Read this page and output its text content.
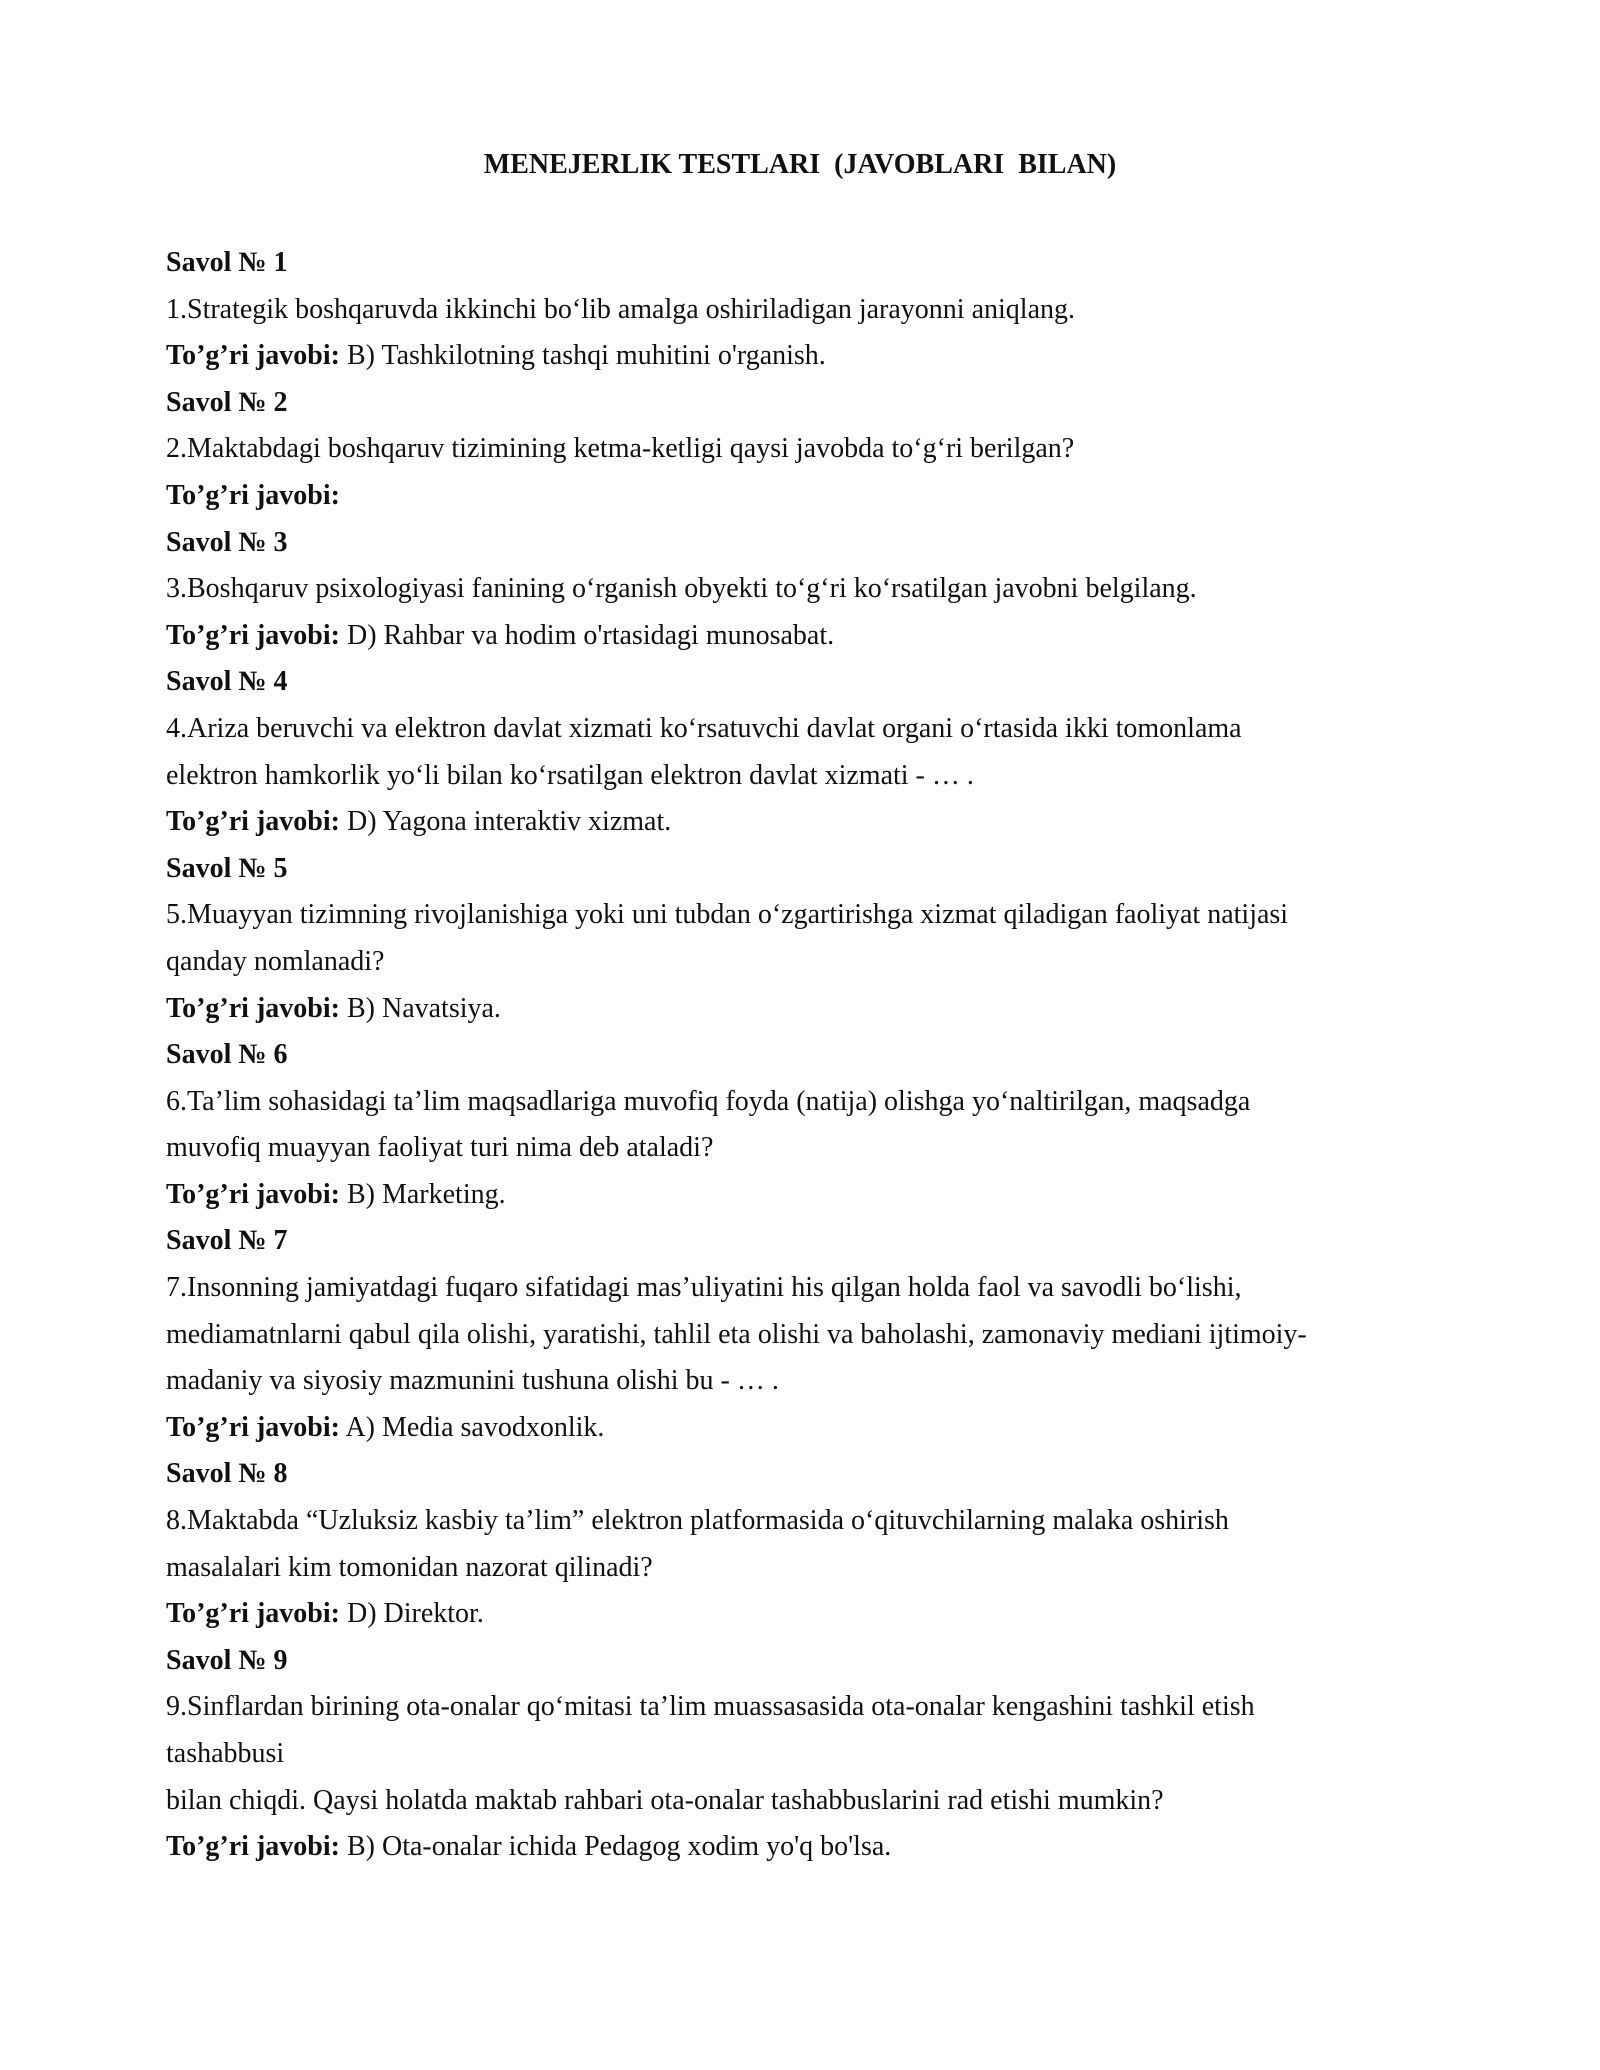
MENEJERLIK TESTLARI  (JAVOBLARI  BILAN)
Savol № 1
1.Strategik boshqaruvda ikkinchi bo‘lib amalga oshiriladigan jarayonni aniqlang.
To’g’ri javobi: B) Tashkilotning tashqi muhitini o'rganish.
Savol № 2
2.Maktabdagi boshqaruv tizimining ketma-ketligi qaysi javobda to‘g‘ri berilgan?
To’g’ri javobi:
Savol № 3
3.Boshqaruv psixologiyasi fanining o‘rganish obyekti to‘g‘ri ko‘rsatilgan javobni belgilang.
To’g’ri javobi: D) Rahbar va hodim o'rtasidagi munosabat.
Savol № 4
4.Ariza beruvchi va elektron davlat xizmati ko‘rsatuvchi davlat organi o‘rtasida ikki tomonlama
elektron hamkorlik yo‘li bilan ko‘rsatilgan elektron davlat xizmati - … .
To’g’ri javobi: D) Yagona interaktiv xizmat.
Savol № 5
5.Muayyan tizimning rivojlanishiga yoki uni tubdan o‘zgartirishga xizmat qiladigan faoliyat natijasi
qanday nomlanadi?
To’g’ri javobi: B) Navatsiya.
Savol № 6
6.Ta’lim sohasidagi ta’lim maqsadlariga muvofiq foyda (natija) olishga yo‘naltirilgan, maqsadga
muvofiq muayyan faoliyat turi nima deb ataladi?
To’g’ri javobi: B) Marketing.
Savol № 7
7.Insonning jamiyatdagi fuqaro sifatidagi mas’uliyatini his qilgan holda faol va savodli bo‘lishi,
mediamatnlarni qabul qila olishi, yaratishi, tahlil eta olishi va baholashi, zamonaviy mediani ijtimoiy-
madaniy va siyosiy mazmunini tushuna olishi bu - … .
To’g’ri javobi: A) Media savodxonlik.
Savol № 8
8.Maktabda “Uzluksiz kasbiy ta’lim” elektron platformasida o‘qituvchilarning malaka oshirish
masalalari kim tomonidan nazorat qilinadi?
To’g’ri javobi: D) Direktor.
Savol № 9
9.Sinflardan birining ota-onalar qo‘mitasi ta’lim muassasasida ota-onalar kengashini tashkil etish
tashabbusi
bilan chiqdi. Qaysi holatda maktab rahbari ota-onalar tashabbuslarini rad etishi mumkin?
To’g’ri javobi: B) Ota-onalar ichida Pedagog xodim yo'q bo'lsa.
